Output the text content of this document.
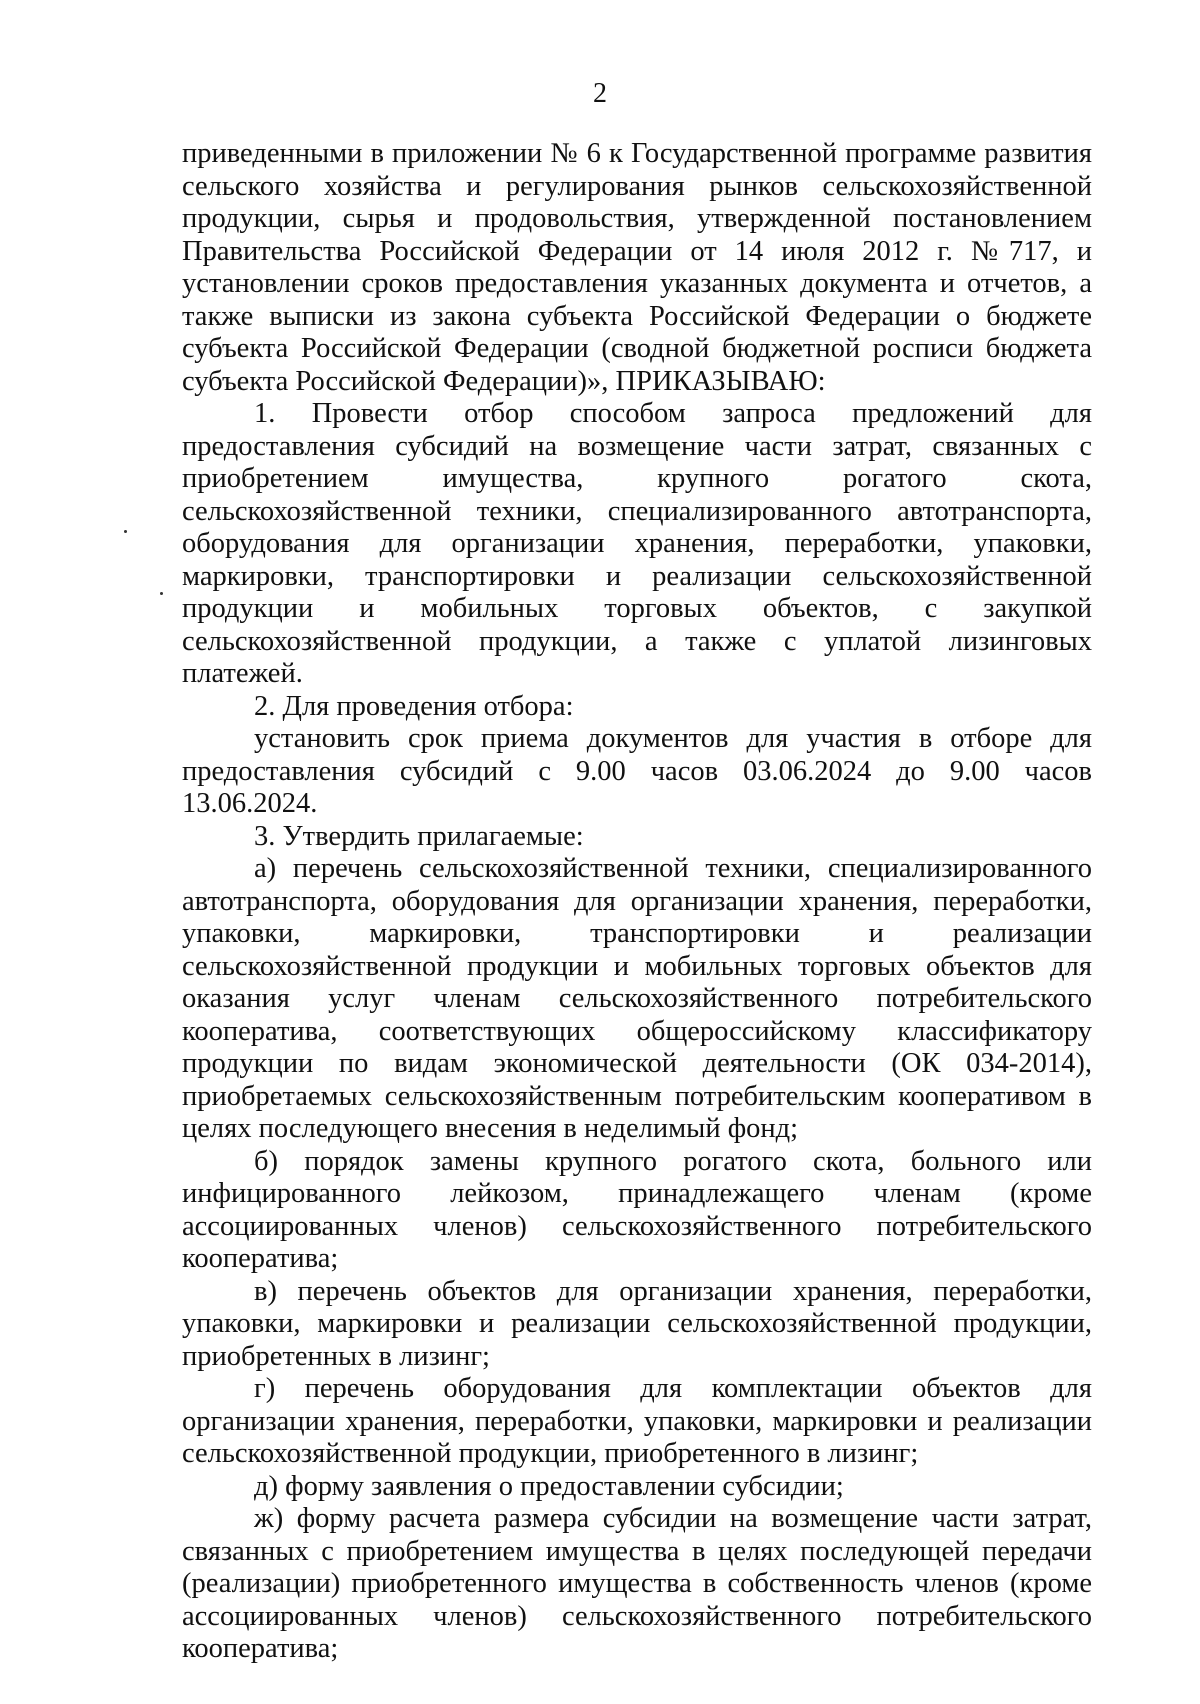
2

приведенными в приложении № 6 к Государственной программе развития сельского хозяйства и регулирования рынков сельскохозяйственной продукции, сырья и продовольствия, утвержденной постановлением Правительства Российской Федерации от 14 июля 2012 г. №717, и установлении сроков предоставления указанных документа и отчетов, а также выписки из закона субъекта Российской Федерации о бюджете субъекта Российской Федерации (сводной бюджетной росписи бюджета субъекта Российской Федерации)», ПРИКАЗЫВАЮ:

1. Провести отбор способом запроса предложений для предоставления субсидий на возмещение части затрат, связанных с приобретением имущества, крупного рогатого скота, сельскохозяйственной техники, специализированного автотранспорта, оборудования для организации хранения, переработки, упаковки, маркировки, транспортировки и реализации сельскохозяйственной продукции и мобильных торговых объектов, с закупкой сельскохозяйственной продукции, а также с уплатой лизинговых платежей.

2. Для проведения отбора:

установить срок приема документов для участия в отборе для предоставления субсидий с 9.00 часов 03.06.2024 до 9.00 часов 13.06.2024.

3. Утвердить прилагаемые:

а) перечень сельскохозяйственной техники, специализированного автотранспорта, оборудования для организации хранения, переработки, упаковки, маркировки, транспортировки и реализации сельскохозяйственной продукции и мобильных торговых объектов для оказания услуг членам сельскохозяйственного потребительского кооператива, соответствующих общероссийскому классификатору продукции по видам экономической деятельности (ОК 034-2014), приобретаемых сельскохозяйственным потребительским кооперативом в целях последующего внесения в неделимый фонд;

б) порядок замены крупного рогатого скота, больного или инфицированного лейкозом, принадлежащего членам (кроме ассоциированных членов) сельскохозяйственного потребительского кооператива;

в) перечень объектов для организации хранения, переработки, упаковки, маркировки и реализации сельскохозяйственной продукции, приобретенных в лизинг;

г) перечень оборудования для комплектации объектов для организации хранения, переработки, упаковки, маркировки и реализации сельскохозяйственной продукции, приобретенного в лизинг;

д) форму заявления о предоставлении субсидии;

ж) форму расчета размера субсидии на возмещение части затрат, связанных с приобретением имущества в целях последующей передачи (реализации) приобретенного имущества в собственность членов (кроме ассоциированных членов) сельскохозяйственного потребительского кооператива;
